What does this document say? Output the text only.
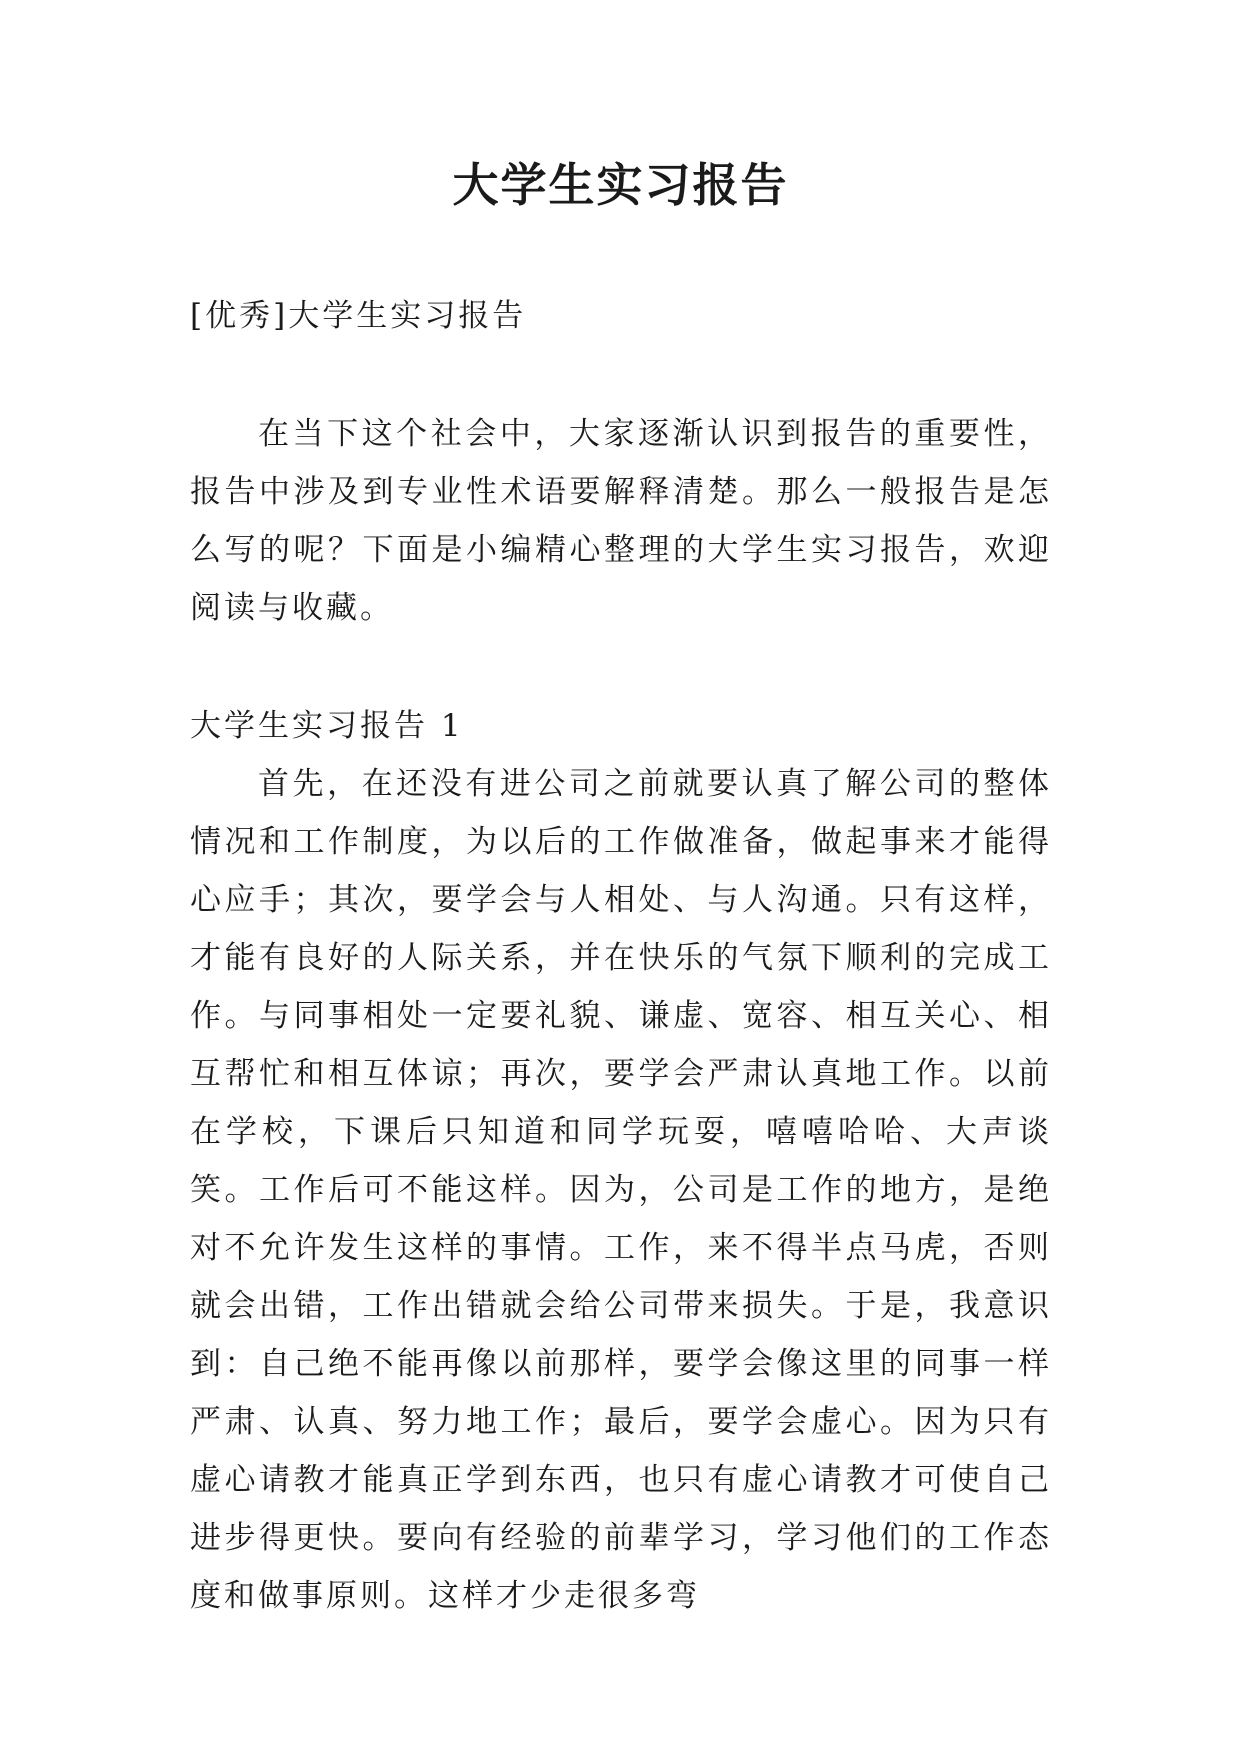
大学生实习报告

[优秀]大学生实习报告

在当下这个社会中，大家逐渐认识到报告的重要性，报告中涉及到专业性术语要解释清楚。那么一般报告是怎么写的呢？下面是小编精心整理的大学生实习报告，欢迎阅读与收藏。

大学生实习报告 1

首先，在还没有进公司之前就要认真了解公司的整体情况和工作制度，为以后的工作做准备，做起事来才能得心应手；其次，要学会与人相处、与人沟通。只有这样，才能有良好的人际关系，并在快乐的气氛下顺利的完成工作。与同事相处一定要礼貌、谦虚、宽容、相互关心、相互帮忙和相互体谅；再次，要学会严肃认真地工作。以前在学校，下课后只知道和同学玩耍，嘻嘻哈哈、大声谈笑。工作后可不能这样。因为，公司是工作的地方，是绝对不允许发生这样的事情。工作，来不得半点马虎，否则就会出错，工作出错就会给公司带来损失。于是，我意识到：自己绝不能再像以前那样，要学会像这里的同事一样严肃、认真、努力地工作；最后，要学会虚心。因为只有虚心请教才能真正学到东西，也只有虚心请教才可使自己进步得更快。要向有经验的前辈学习，学习他们的工作态度和做事原则。这样才少走很多弯
